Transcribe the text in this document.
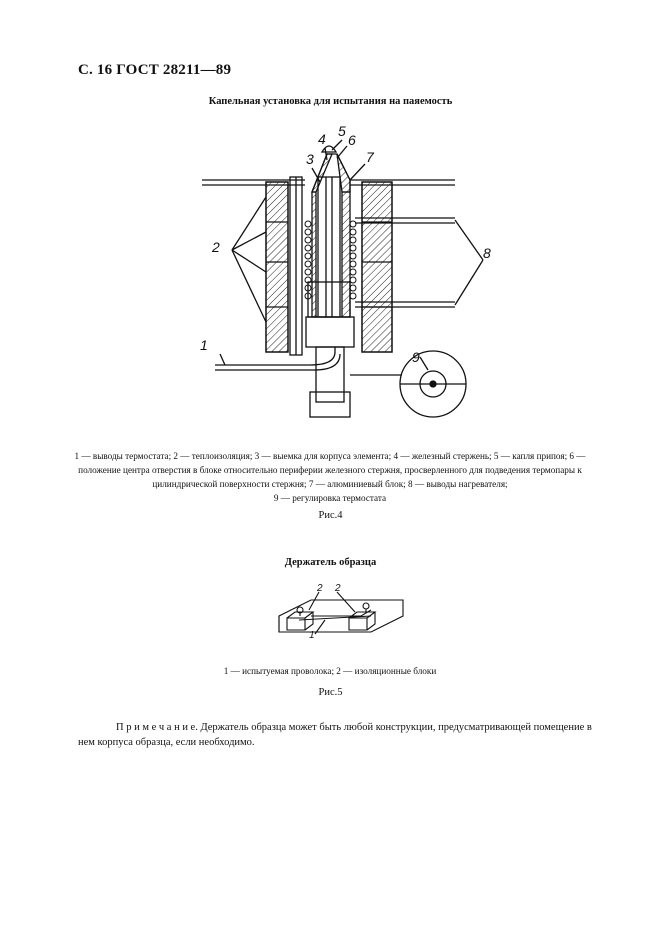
С. 16 ГОСТ 28211—89
Капельная установка для испытания на паяемость
2
1
8
9
3
4 5
6
7
1 — выводы термостата; 2 — теплоизоляция; 3 — выемка для корпуса элемента; 4 — железный стержень; 5 — капля припоя; 6 — положение центра отверстия в блоке относительно периферии железного стержня, просверленного для подведения термопары к цилиндрической поверхности стержня; 7 — алюминиевый блок; 8 — выводы нагревателя;
9 — регулировка термостата
Рис.4
Держатель образца
2 2
1
1 — испытуемая проволока; 2 — изоляционные блоки
Рис.5
П р и м е ч а н и е. Держатель образца может быть любой конструкции, предусматривающей помещение в нем корпуса образца, если необходимо.
